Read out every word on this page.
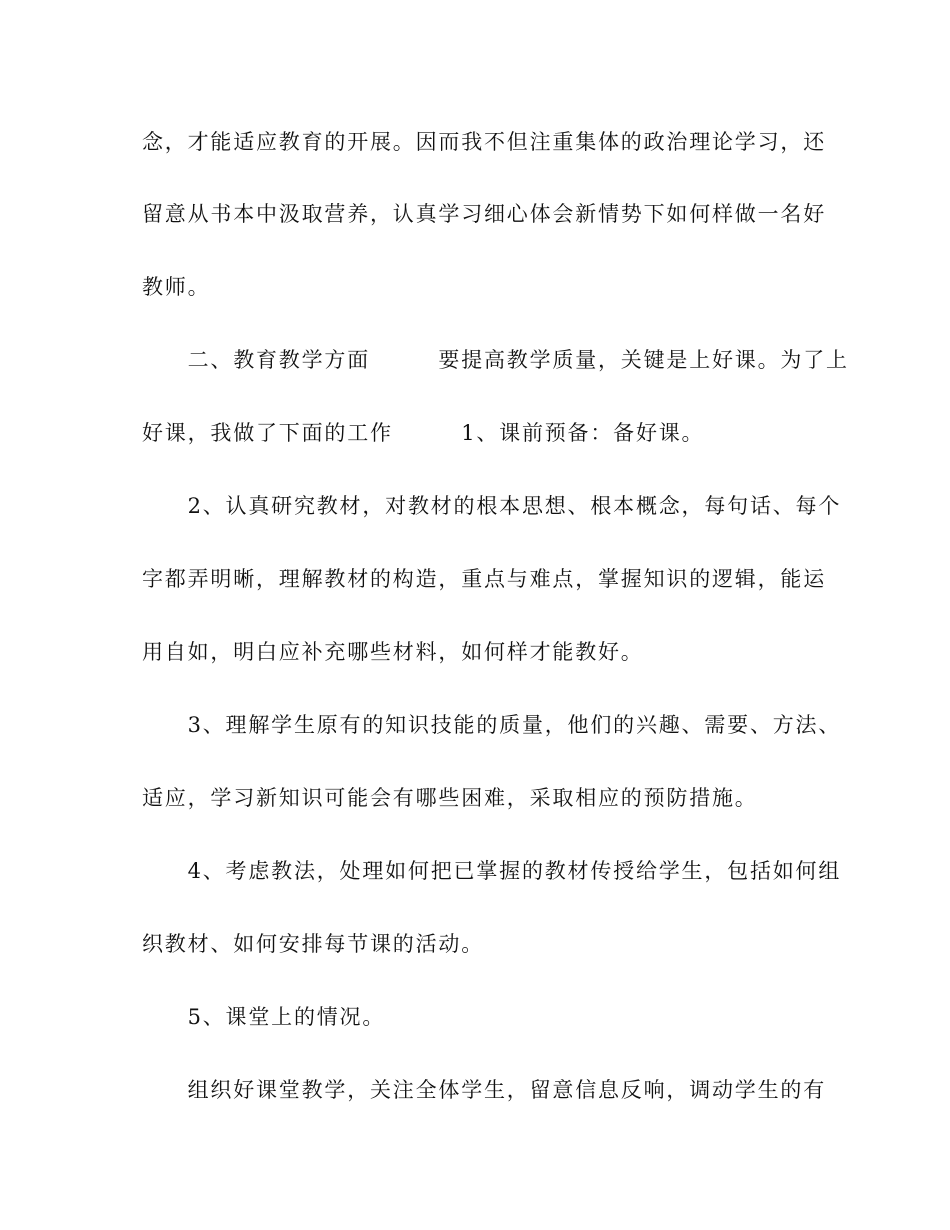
念，才能适应教育的开展。因而我不但注重集体的政治理论学习，还
留意从书本中汲取营养，认真学习细心体会新情势下如何样做一名好
教师。
　　二、教育教学方面　　　要提高教学质量，关键是上好课。为了上
好课，我做了下面的工作　　　1、课前预备：备好课。
　　2、认真研究教材，对教材的根本思想、根本概念，每句话、每个
字都弄明晰，理解教材的构造，重点与难点，掌握知识的逻辑，能运
用自如，明白应补充哪些材料，如何样才能教好。
　　3、理解学生原有的知识技能的质量，他们的兴趣、需要、方法、
适应，学习新知识可能会有哪些困难，采取相应的预防措施。
　　4、考虑教法，处理如何把已掌握的教材传授给学生，包括如何组
织教材、如何安排每节课的活动。
　　5、课堂上的情况。
　　组织好课堂教学，关注全体学生，留意信息反响，调动学生的有
